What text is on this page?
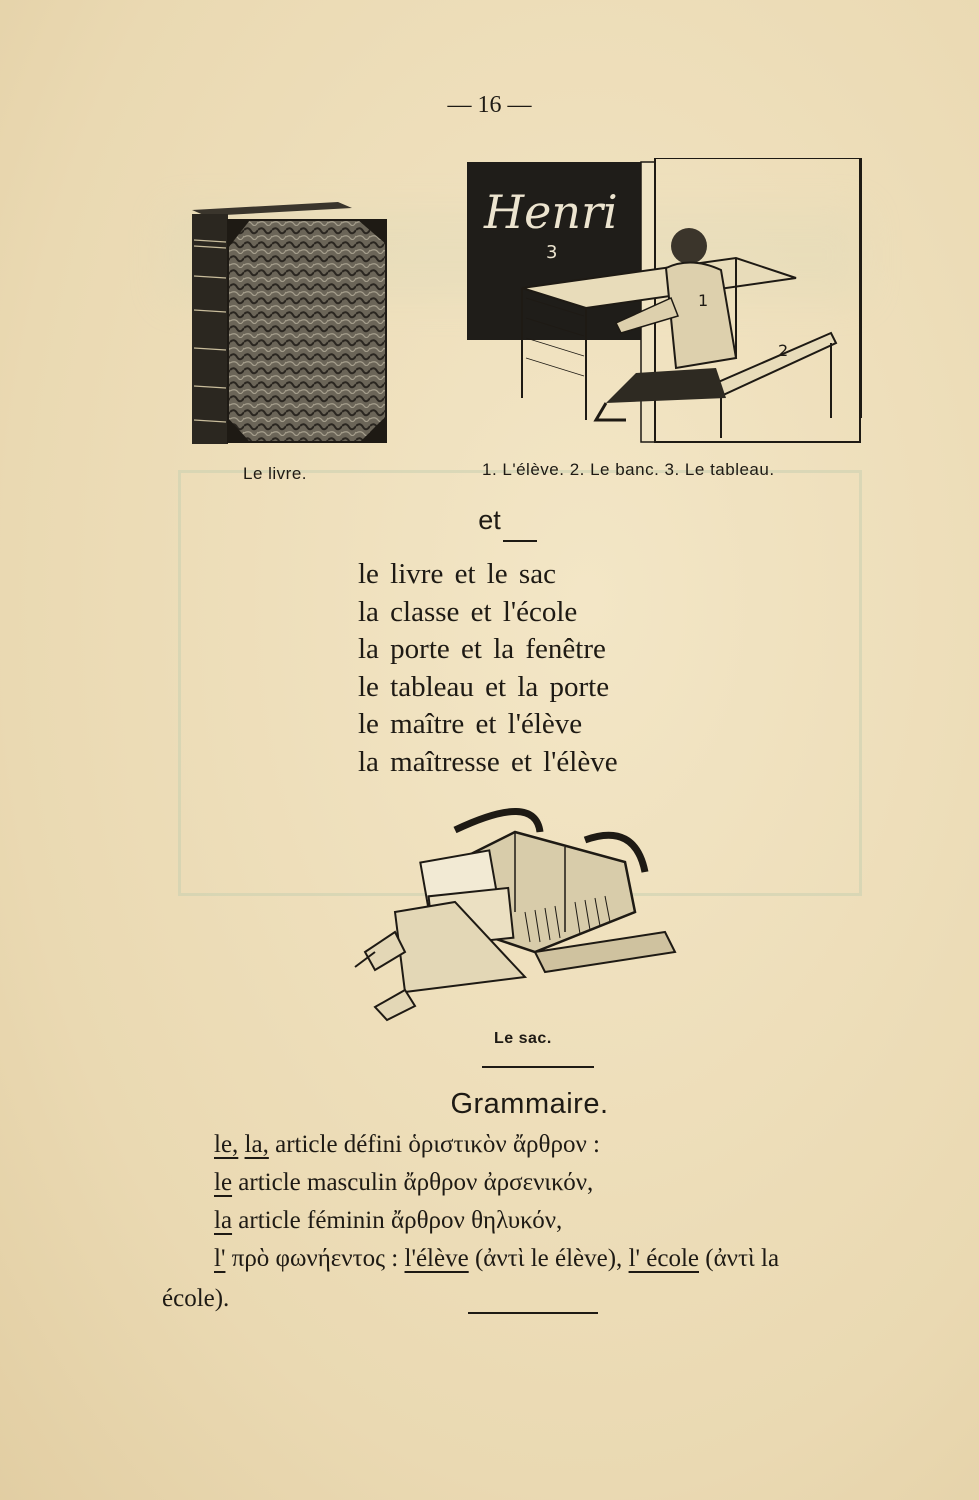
— 16 —
Le livre.
Henri
3
1
2
1. L'élève. 2. Le banc. 3. Le tableau.
et
le livre et le sac
la classe et l'école
la porte et la fenêtre
le tableau et la porte
le maître et l'élève
la maîtresse et l'élève
Le sac.
Grammaire.
le, la, article défini ὁριστικὸν ἄρθρον :
le article masculin ἄρθρον ἀρσενικόν,
la article féminin ἄρθρον θηλυκόν,
l' πρὸ φωνήεντος : l'élève (ἀντὶ le élève), l' école (ἀντὶ la
école).
